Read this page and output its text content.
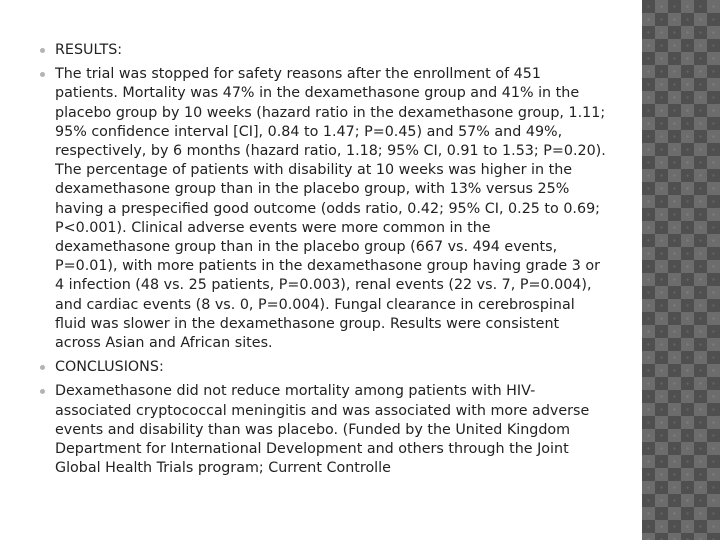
RESULTS:
The trial was stopped for safety reasons after the enrollment of 451 patients. Mortality was 47% in the dexamethasone group and 41% in the placebo group by 10 weeks (hazard ratio in the dexamethasone group, 1.11; 95% confidence interval [CI], 0.84 to 1.47; P=0.45) and 57% and 49%, respectively, by 6 months (hazard ratio, 1.18; 95% CI, 0.91 to 1.53; P=0.20). The percentage of patients with disability at 10 weeks was higher in the dexamethasone group than in the placebo group, with 13% versus 25% having a prespecified good outcome (odds ratio, 0.42; 95% CI, 0.25 to 0.69; P<0.001). Clinical adverse events were more common in the dexamethasone group than in the placebo group (667 vs. 494 events, P=0.01), with more patients in the dexamethasone group having grade 3 or 4 infection (48 vs. 25 patients, P=0.003), renal events (22 vs. 7, P=0.004), and cardiac events (8 vs. 0, P=0.004). Fungal clearance in cerebrospinal fluid was slower in the dexamethasone group. Results were consistent across Asian and African sites.
CONCLUSIONS:
Dexamethasone did not reduce mortality among patients with HIV-associated cryptococcal meningitis and was associated with more adverse events and disability than was placebo. (Funded by the United Kingdom Department for International Development and others through the Joint Global Health Trials program; Current Controlle
